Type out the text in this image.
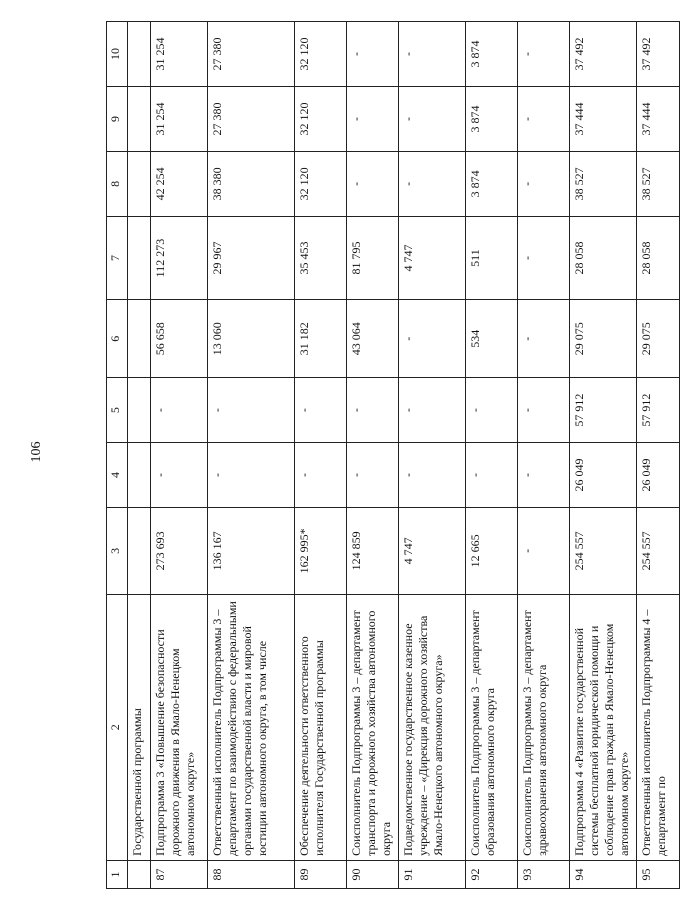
106
1	2	3	4	5	6	7	8	9	10
	Государственной программы								
87	Подпрограмма 3 «Повышение безопасности дорожного движения в Ямало-Ненецком автономном округе»	273 693	-	-	56 658	112 273	42 254	31 254	31 254
88	Ответственный исполнитель Подпрограммы 3 – департамент по взаимодействию с федеральными органами государственной власти и мировой юстиции автономного округа, в том числе	136 167	-	-	13 060	29 967	38 380	27 380	27 380
89	Обеспечение деятельности ответственного исполнителя Государственной программы	162 995*	-	-	31 182	35 453	32 120	32 120	32 120
90	Соисполнитель Подпрограммы 3 – департамент транспорта и дорожного хозяйства автономного округа	124 859	-	-	43 064	81 795	-	-	-
91	Подведомственное государственное казенное учреждение – «Дирекция дорожного хозяйства Ямало-Ненецкого автономного округа»	4 747	-	-	-	4 747	-	-	-
92	Соисполнитель Подпрограммы 3 – департамент образования автономного округа	12 665	-	-	534	511	3 874	3 874	3 874
93	Соисполнитель Подпрограммы 3 – департамент здравоохранения автономного округа	-	-	-	-	-	-	-	-
94	Подпрограмма 4 «Развитие государственной системы бесплатной юридической помощи и соблюдение прав граждан в Ямало-Ненецком автономном округе»	254 557	26 049	57 912	29 075	28 058	38 527	37 444	37 492
95	Ответственный исполнитель Подпрограммы 4 – департамент по	254 557	26 049	57 912	29 075	28 058	38 527	37 444	37 492
